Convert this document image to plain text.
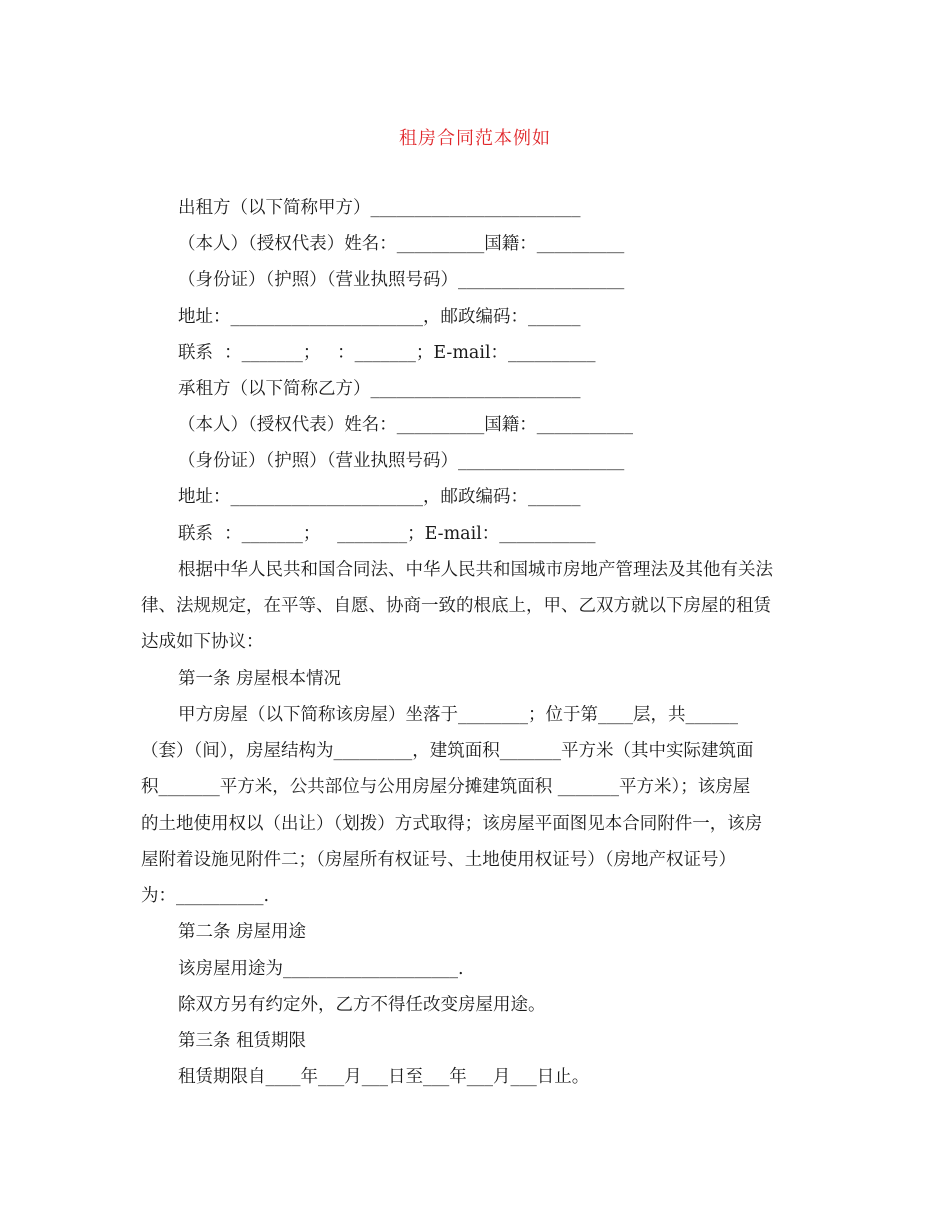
租房合同范本例如
出租方（以下简称甲方）________________________
（本人）（授权代表）姓名：__________国籍：__________
（身份证）（护照）（营业执照号码）___________________
地址：______________________，邮政编码：______
联系  ：_______；   ：_______；E-mail：__________
承租方（以下简称乙方）________________________
（本人）（授权代表）姓名：__________国籍：___________
（身份证）（护照）（营业执照号码）___________________
地址：______________________，邮政编码：______
联系  ：_______；   ________；E-mail：___________
根据中华人民共和国合同法、中华人民共和国城市房地产管理法及其他有关法
律、法规规定，在平等、自愿、协商一致的根底上，甲、乙双方就以下房屋的租赁
达成如下协议：
第一条 房屋根本情况
甲方房屋（以下简称该房屋）坐落于________；位于第____层，共______
（套）（间），房屋结构为_________，建筑面积_______平方米（其中实际建筑面
积_______平方米，公共部位与公用房屋分摊建筑面积 _______平方米）；该房屋
的土地使用权以（出让）（划拨）方式取得；该房屋平面图见本合同附件一，该房
屋附着设施见附件二；（房屋所有权证号、土地使用权证号）（房地产权证号）
为：__________.
第二条 房屋用途
该房屋用途为____________________.
除双方另有约定外，乙方不得任改变房屋用途。
第三条 租赁期限
租赁期限自____年___月___日至___年___月___日止。
